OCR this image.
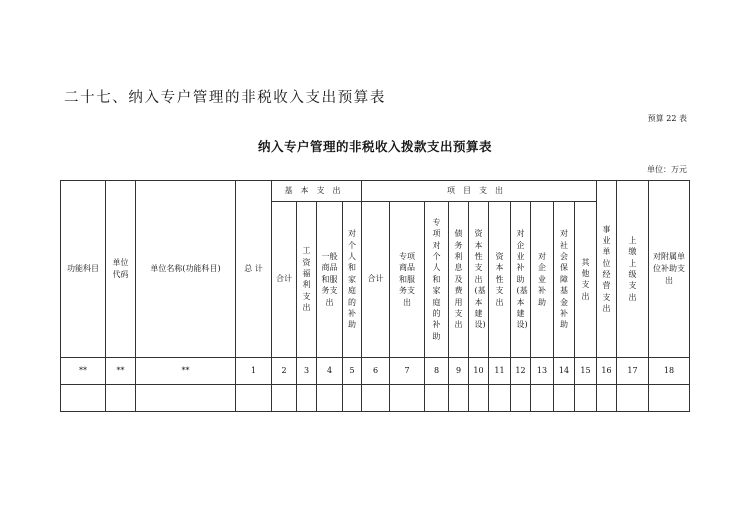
二十七、纳入专户管理的非税收入支出预算表
预算 22 表
纳入专户管理的非税收入拨款支出预算表
单位：万元
功能科目	单位代码	单位名称(功能科目)	总 计	基本支出				项目支出										事业单位经营支出	上缴上级支出	对附属单位补助支出
				合计	工资福利支出	一般商品和服务支出	对个人和家庭的补助	合计	专项商品和服务支出	专项对个人和家庭的补助	债务利息及费用支出	资本性支出(基本建设)	资本性支出	对企业补助(基本建设)	对企业补助	对社会保障基金补助	其他支出			
**	**	**	1	2	3	4	5	6	7	8	9	10	11	12	13	14	15	16	17	18
